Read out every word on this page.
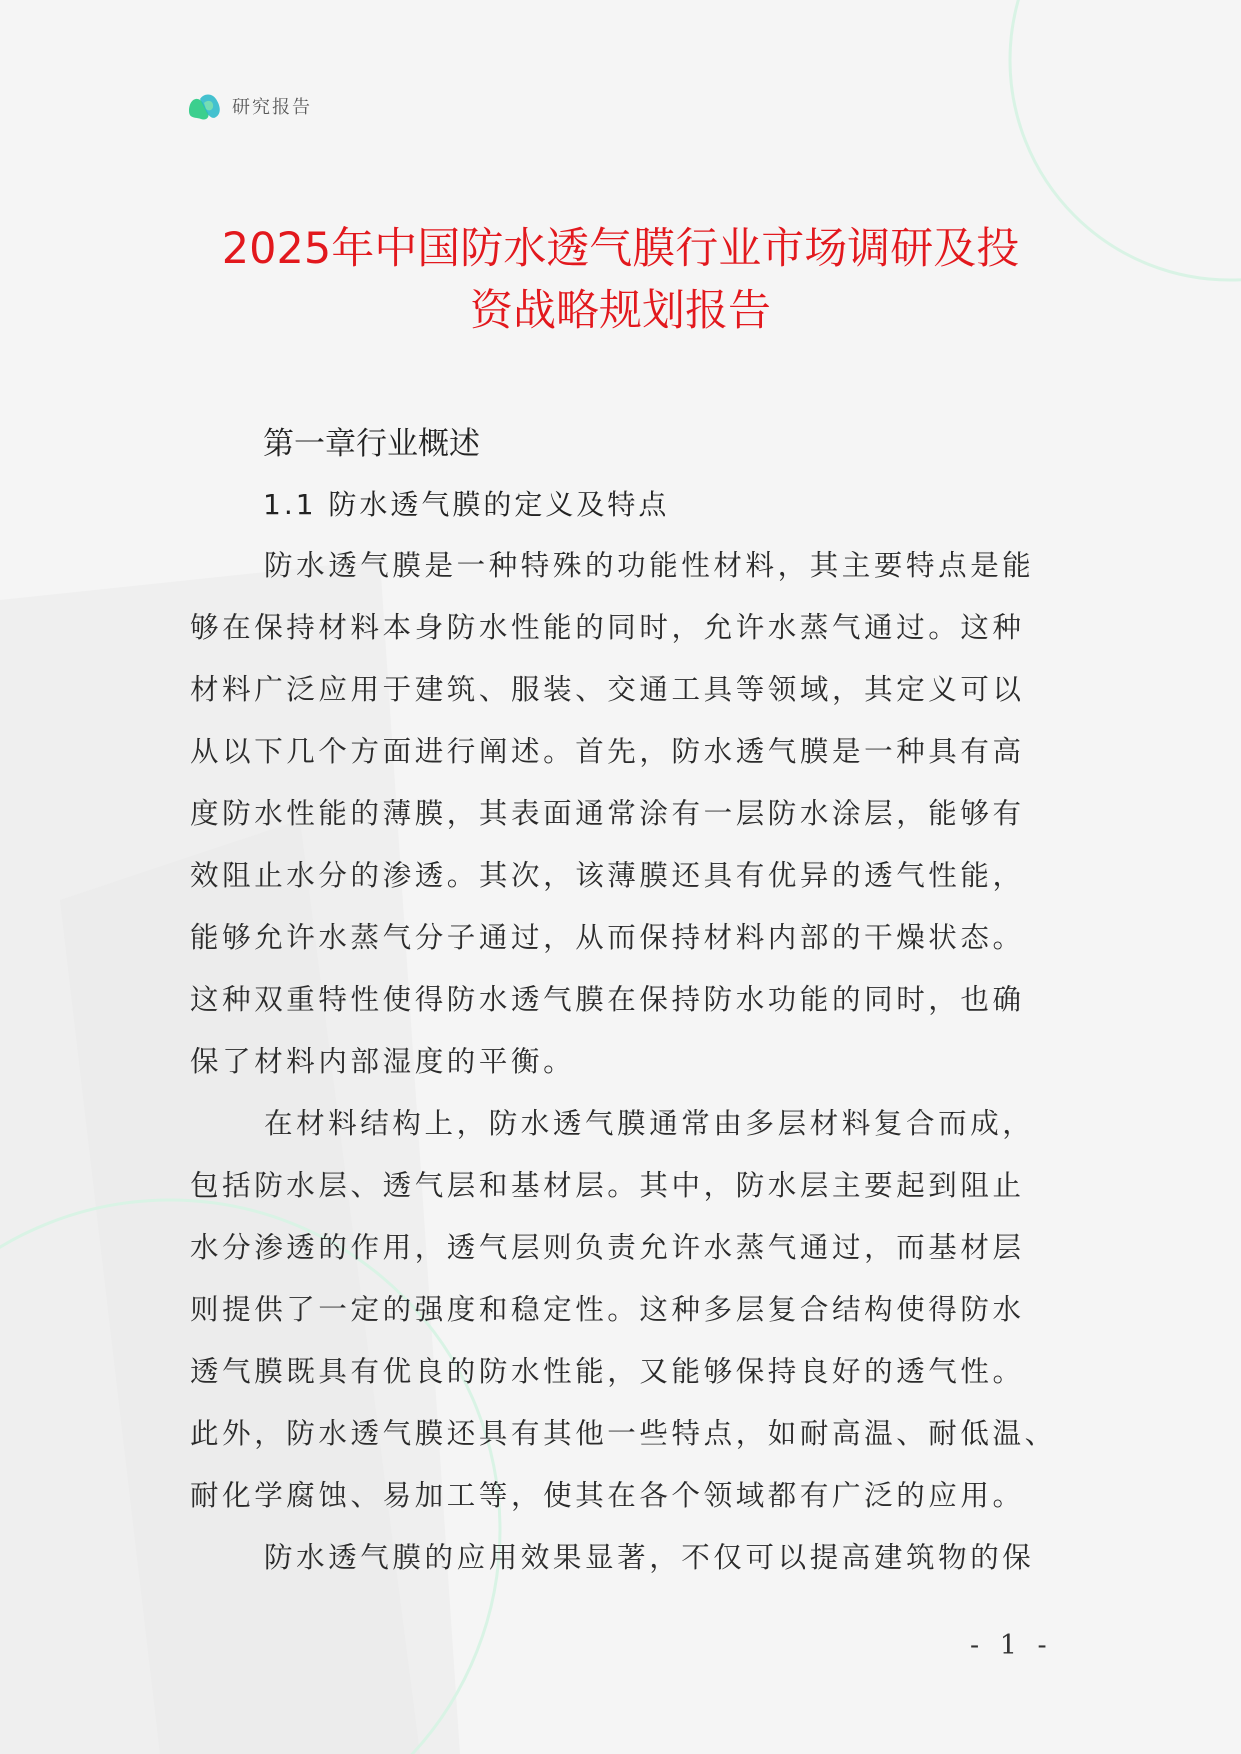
研究报告
2025年中国防水透气膜行业市场调研及投
资战略规划报告
第一章行业概述
1.1 防水透气膜的定义及特点
防水透气膜是一种特殊的功能性材料，其主要特点是能
够在保持材料本身防水性能的同时，允许水蒸气通过。这种
材料广泛应用于建筑、服装、交通工具等领域，其定义可以
从以下几个方面进行阐述。首先，防水透气膜是一种具有高
度防水性能的薄膜，其表面通常涂有一层防水涂层，能够有
效阻止水分的渗透。其次，该薄膜还具有优异的透气性能，
能够允许水蒸气分子通过，从而保持材料内部的干燥状态。
这种双重特性使得防水透气膜在保持防水功能的同时，也确
保了材料内部湿度的平衡。
在材料结构上，防水透气膜通常由多层材料复合而成，
包括防水层、透气层和基材层。其中，防水层主要起到阻止
水分渗透的作用，透气层则负责允许水蒸气通过，而基材层
则提供了一定的强度和稳定性。这种多层复合结构使得防水
透气膜既具有优良的防水性能，又能够保持良好的透气性。
此外，防水透气膜还具有其他一些特点，如耐高温、耐低温、
耐化学腐蚀、易加工等，使其在各个领域都有广泛的应用。
防水透气膜的应用效果显著，不仅可以提高建筑物的保
- 1 -
